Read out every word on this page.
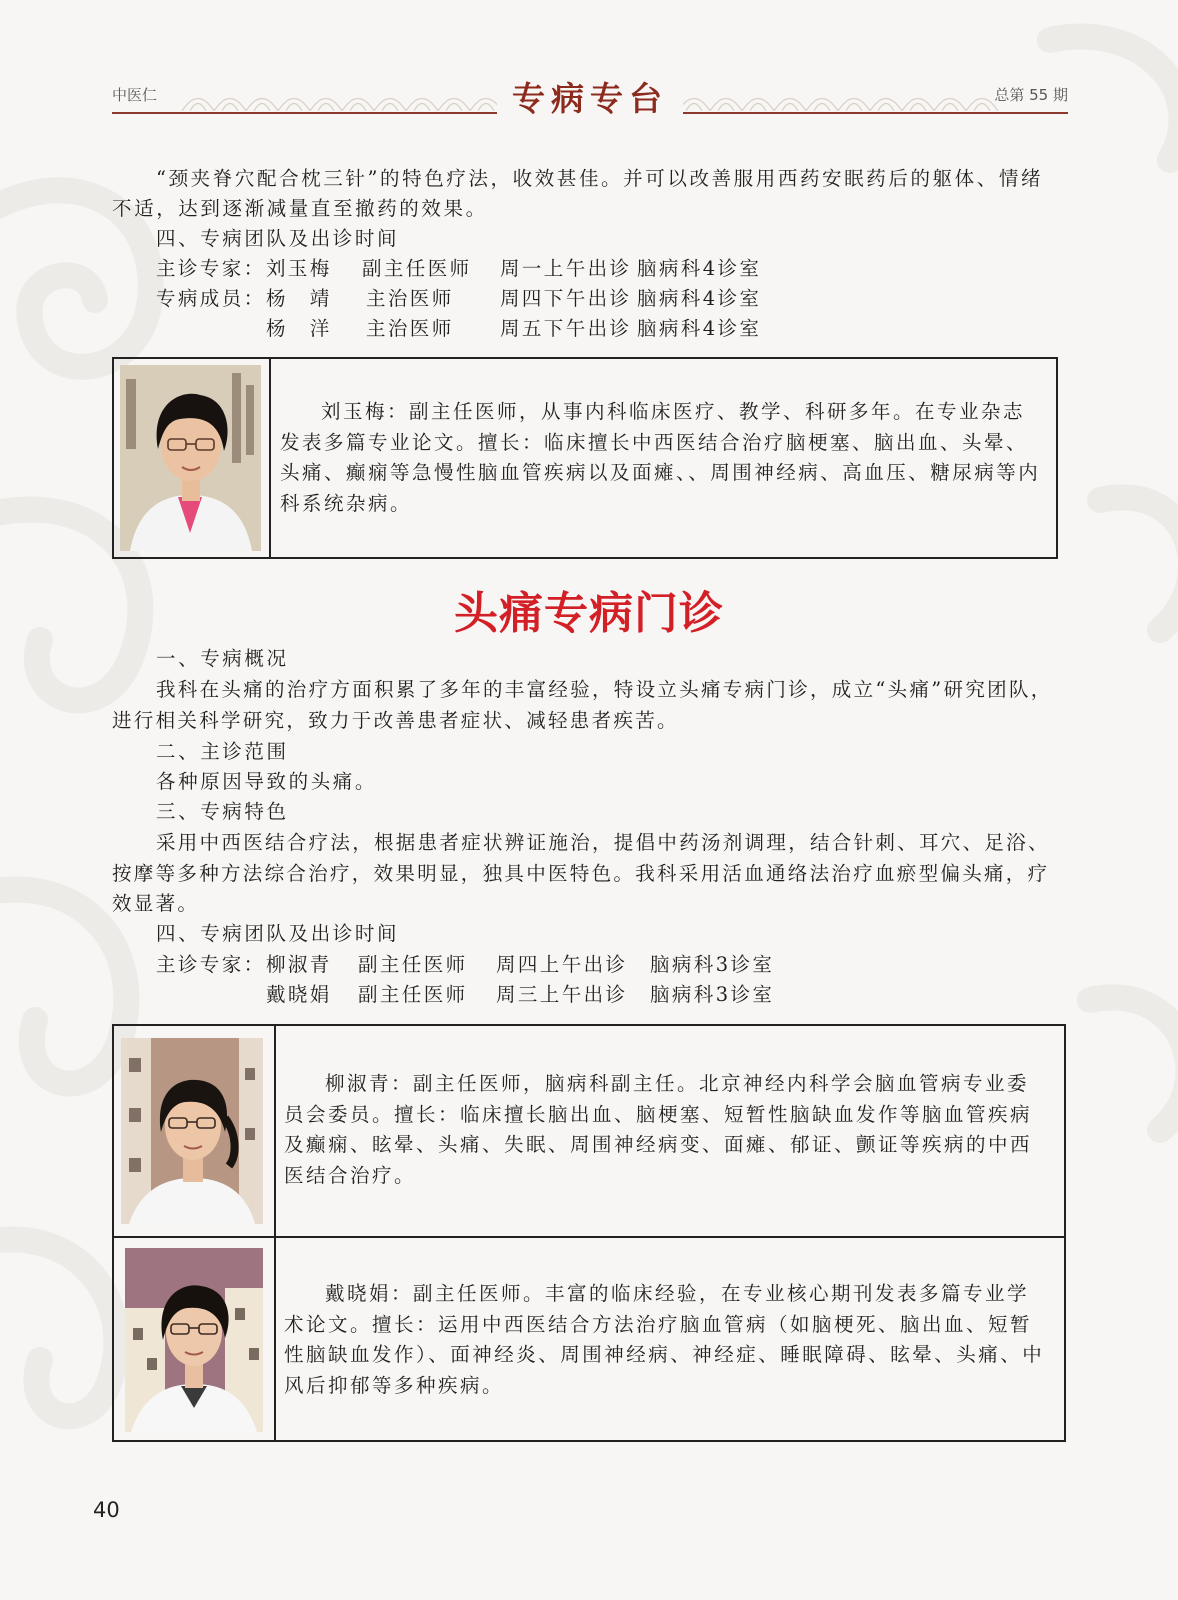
中医仁	总第 55 期
专病专台

“颈夹脊穴配合枕三针”的特色疗法，收效甚佳。并可以改善服用西药安眠药后的躯体、情绪

不适，达到逐渐减量直至撤药的效果。

四、专病团队及出诊时间

主诊专家： 刘玉梅 副主任医师 周一上午出诊 脑病科4诊室
专病成员： 杨　靖 主治医师 周四下午出诊 脑病科4诊室
杨　洋 主治医师 周五下午出诊 脑病科4诊室

刘玉梅：副主任医师，从事内科临床医疗、教学、科研多年。在专业杂志发表多篇专业论文。擅长：临床擅长中西医结合治疗脑梗塞、脑出血、头晕、头痛、癫痫等急慢性脑血管疾病以及面瘫、、周围神经病、高血压、糖尿病等内科系统杂病。

头痛专病门诊

一、专病概况

我科在头痛的治疗方面积累了多年的丰富经验，特设立头痛专病门诊，成立“头痛”研究团队，进行相关科学研究，致力于改善患者症状、减轻患者疾苦。

二、主诊范围

各种原因导致的头痛。

三、专病特色

采用中西医结合疗法，根据患者症状辨证施治，提倡中药汤剂调理，结合针刺、耳穴、足浴、按摩等多种方法综合治疗，效果明显，独具中医特色。我科采用活血通络法治疗血瘀型偏头痛，疗效显著。

四、专病团队及出诊时间

主诊专家： 柳淑青 副主任医师 周四上午出诊 脑病科3诊室
戴晓娟 副主任医师 周三上午出诊 脑病科3诊室

柳淑青：副主任医师，脑病科副主任。北京神经内科学会脑血管病专业委员会委员。擅长：临床擅长脑出血、脑梗塞、短暂性脑缺血发作等脑血管疾病及癫痫、眩晕、头痛、失眠、周围神经病变、面瘫、郁证、颤证等疾病的中西医结合治疗。

戴晓娟：副主任医师。丰富的临床经验，在专业核心期刊发表多篇专业学术论文。擅长：运用中西医结合方法治疗脑血管病（如脑梗死、脑出血、短暂性脑缺血发作）、面神经炎、周围神经病、神经症、睡眠障碍、眩晕、头痛、中风后抑郁等多种疾病。

40
